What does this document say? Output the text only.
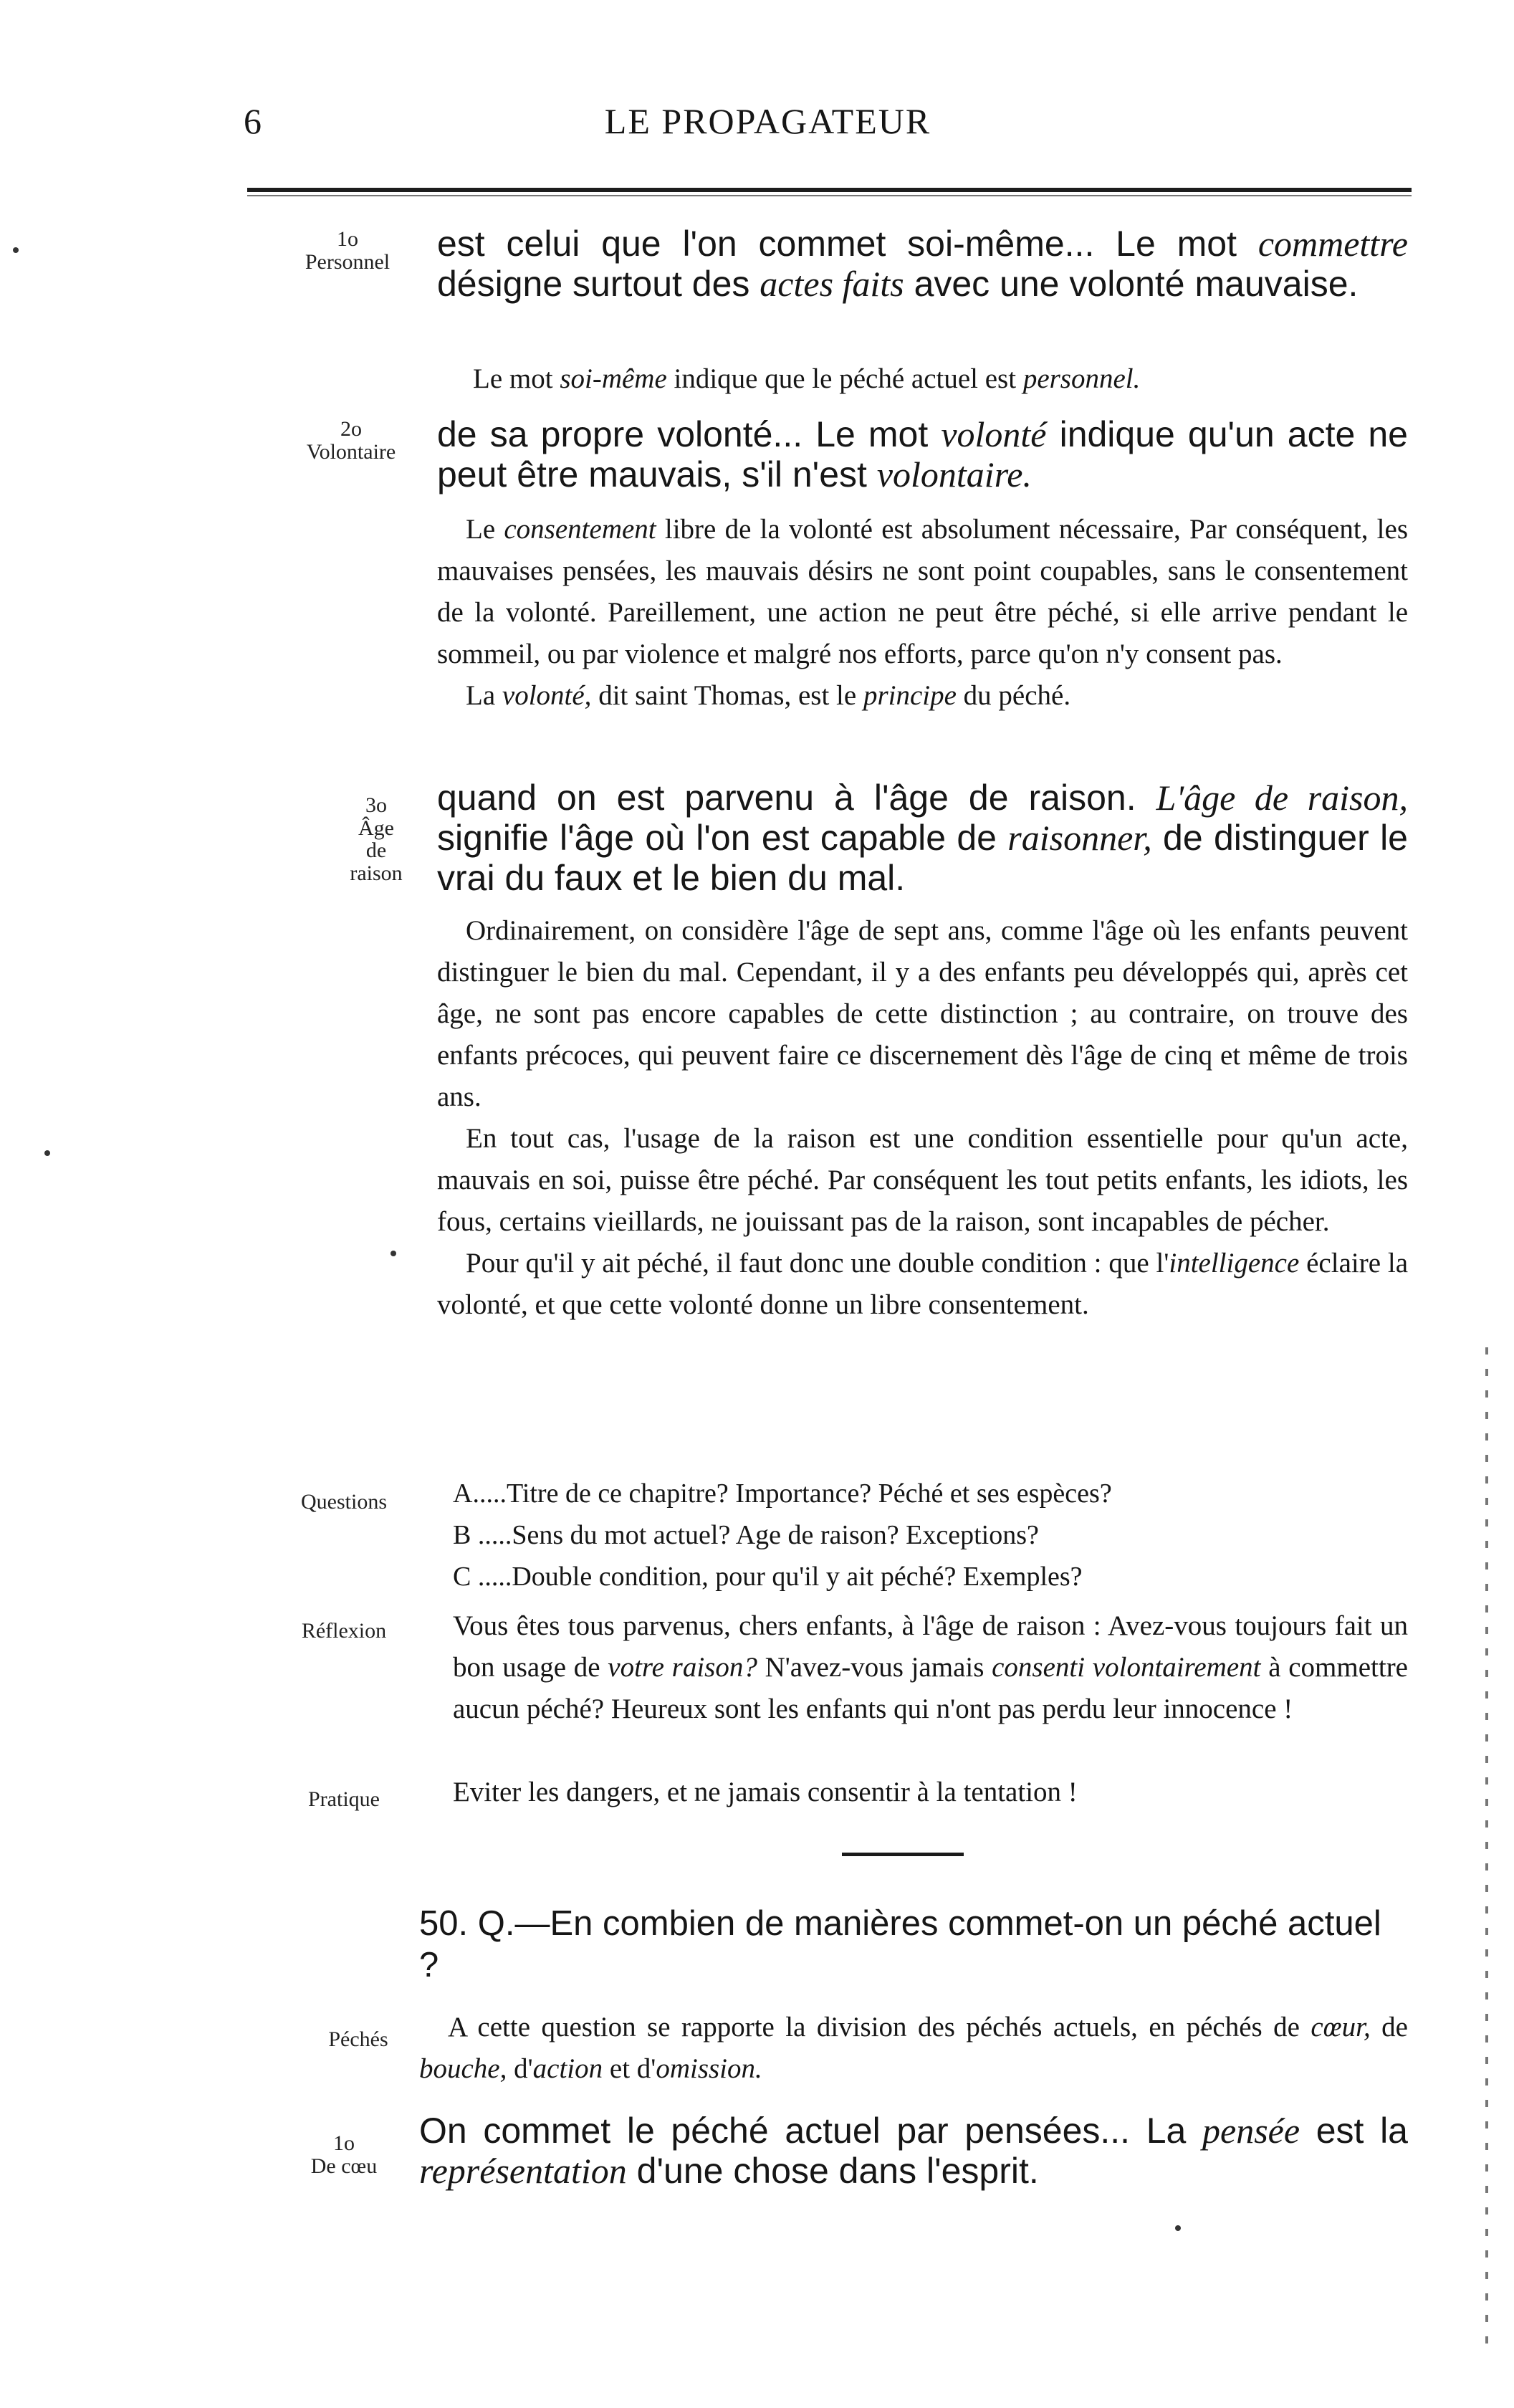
6	LE PROPAGATEUR
1o
Personnel	est celui que l'on commet soi-même... Le mot commettre désigne surtout des actes faits avec une volonté mauvaise.

Le mot soi-même indique que le péché actuel est personnel.

2o
Volontaire	de sa propre volonté... Le mot volonté indique qu'un acte ne peut être mauvais, s'il n'est volontaire.

Le consentement libre de la volonté est absolument nécessaire, Par conséquent, les mauvaises pensées, les mauvais désirs ne sont point coupables, sans le consentement de la volonté. Pareillement, une action ne peut être péché, si elle arrive pendant le sommeil, ou par violence et malgré nos efforts, parce qu'on n'y consent pas.

La volonté, dit saint Thomas, est le principe du péché.

3o
Âge
de
raison
quand on est parvenu à l'âge de raison. L'âge de raison, signifie l'âge où l'on est capable de raisonner, de distinguer le vrai du faux et le bien du mal.

Ordinairement, on considère l'âge de sept ans, comme l'âge où les enfants peuvent distinguer le bien du mal. Cependant, il y a des enfants peu développés qui, après cet âge, ne sont pas encore capables de cette distinction ; au contraire, on trouve des enfants précoces, qui peuvent faire ce discernement dès l'âge de cinq et même de trois ans.

En tout cas, l'usage de la raison est une condition essentielle pour qu'un acte, mauvais en soi, puisse être péché. Par conséquent les tout petits enfants, les idiots, les fous, certains vieillards, ne jouissant pas de la raison, sont incapables de pécher.

Pour qu'il y ait péché, il faut donc une double condition : que l'intelligence éclaire la volonté, et que cette volonté donne un libre consentement.

Questions	A.....Titre de ce chapitre? Importance? Péché et ses espèces?
B .....Sens du mot actuel? Age de raison? Exceptions?
C .....Double condition, pour qu'il y ait péché? Exemples?
Réflexion	Vous êtes tous parvenus, chers enfants, à l'âge de raison : Avez-vous toujours fait un bon usage de votre raison? N'avez-vous jamais consenti volontairement à commettre aucun péché? Heureux sont les enfants qui n'ont pas perdu leur innocence !

Pratique	Eviter les dangers, et ne jamais consentir à la tentation !

50. Q.—En combien de manières commet-on un péché actuel ?
Péchés	A cette question se rapporte la division des péchés actuels, en péchés de cœur, de bouche, d'action et d'omission.

1o
De cœu
On commet le péché actuel par pensées... La pensée est la représentation d'une chose dans l'esprit.
